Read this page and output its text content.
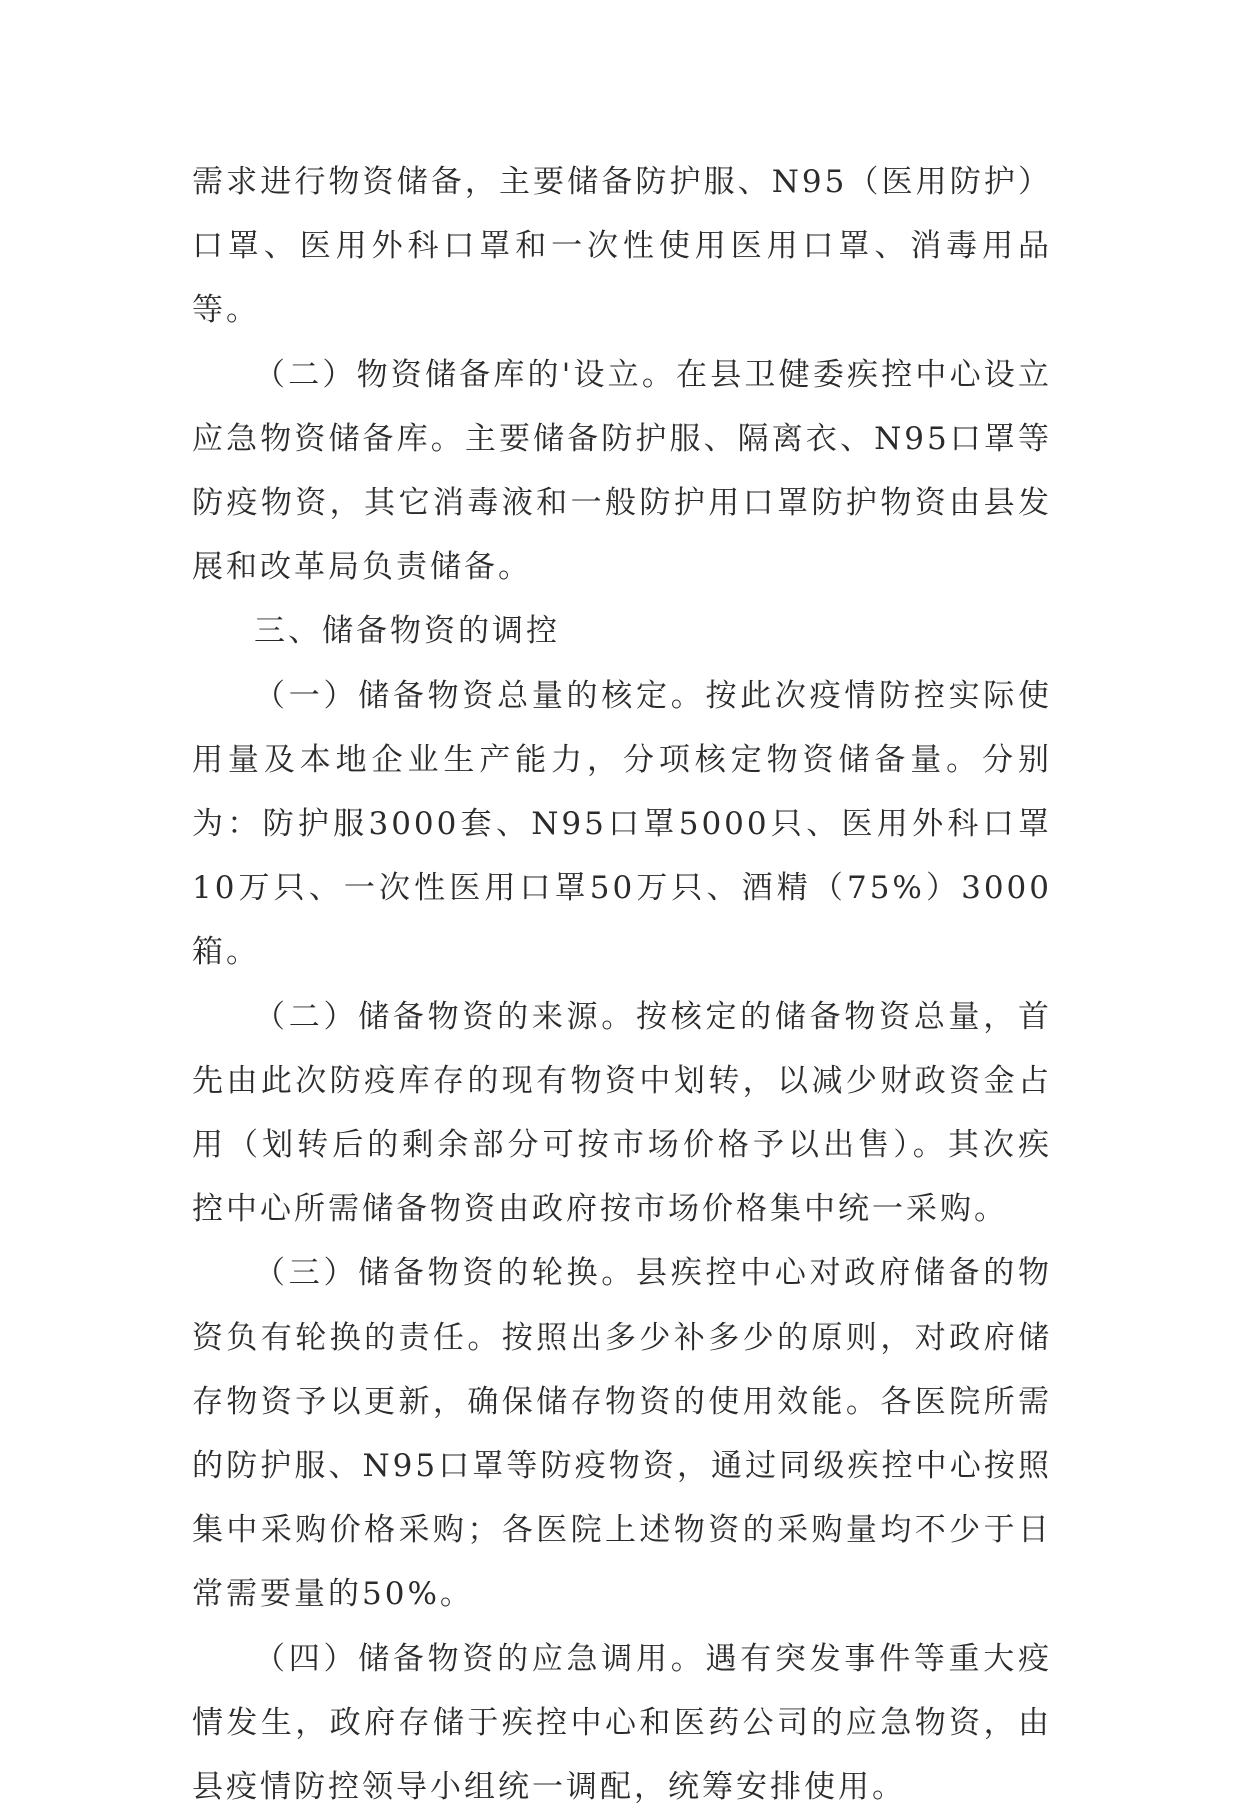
需求进行物资储备，主要储备防护服、N95（医用防护）口罩、医用外科口罩和一次性使用医用口罩、消毒用品等。

（二）物资储备库的'设立。在县卫健委疾控中心设立应急物资储备库。主要储备防护服、隔离衣、N95口罩等防疫物资，其它消毒液和一般防护用口罩防护物资由县发展和改革局负责储备。

三、储备物资的调控

（一）储备物资总量的核定。按此次疫情防控实际使用量及本地企业生产能力，分项核定物资储备量。分别为：防护服3000套、N95口罩5000只、医用外科口罩10万只、一次性医用口罩50万只、酒精（75%）3000箱。

（二）储备物资的来源。按核定的储备物资总量，首先由此次防疫库存的现有物资中划转，以减少财政资金占用（划转后的剩余部分可按市场价格予以出售）。其次疾控中心所需储备物资由政府按市场价格集中统一采购。

（三）储备物资的轮换。县疾控中心对政府储备的物资负有轮换的责任。按照出多少补多少的原则，对政府储存物资予以更新，确保储存物资的使用效能。各医院所需的防护服、N95口罩等防疫物资，通过同级疾控中心按照集中采购价格采购；各医院上述物资的采购量均不少于日常需要量的50%。

（四）储备物资的应急调用。遇有突发事件等重大疫情发生，政府存储于疾控中心和医药公司的应急物资，由县疫情防控领导小组统一调配，统筹安排使用。
